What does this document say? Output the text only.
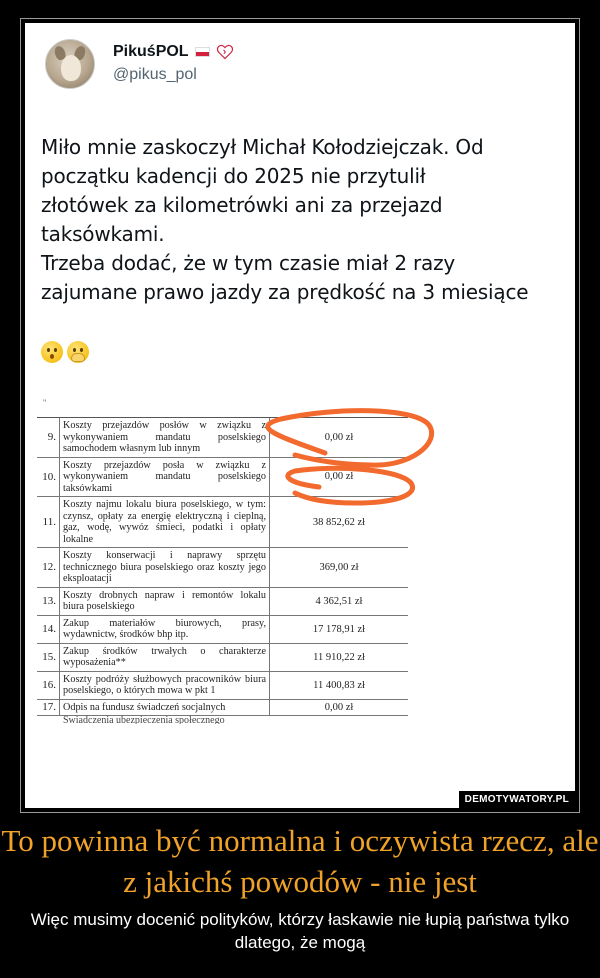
PikuśPOL
@pikus_pol
Miło mnie zaskoczył Michał Kołodziejczak. Od
początku kadencji do 2025 nie przytulił
złotówek za kilometrówki ani za przejazd
taksówkami.
Trzeba dodać, że w tym czasie miał 2 razy
zajumane prawo jazdy za prędkość na 3 miesiące
"
9.
Koszty przejazdów posłów w związku z wykonywaniem mandatu poselskiego samochodem własnym lub innym
0,00 zł
10.
Koszty przejazdów posła w związku z wykonywaniem mandatu poselskiego taksówkami
0,00 zł
11.
Koszty najmu lokalu biura poselskiego, w tym: czynsz, opłaty za energię elektryczną i cieplną, gaz, wodę, wywóz śmieci, podatki i opłaty lokalne
38 852,62 zł
12.
Koszty konserwacji i naprawy sprzętu technicznego biura poselskiego oraz koszty jego eksploatacji
369,00 zł
13. Koszty drobnych napraw i remontów lokalu biura poselskiego	4 362,51 zł
14. Zakup materiałów biurowych, prasy, wydawnictw, środków bhp itp.	17 178,91 zł
15. Zakup środków trwałych o charakterze wyposażenia**	11 910,22 zł
16. Koszty podróży służbowych pracowników biura poselskiego, o których mowa w pkt 1	11 400,83 zł
17. Odpis na fundusz świadczeń socjalnych	0,00 zł
Świadczenia ubezpieczenia społecznego
DEMOTYWATORY.PL
To powinna być normalna i oczywista rzecz, ale z jakichś powodów - nie jest
Więc musimy docenić polityków, którzy łaskawie nie łupią państwa tylko dlatego, że mogą
